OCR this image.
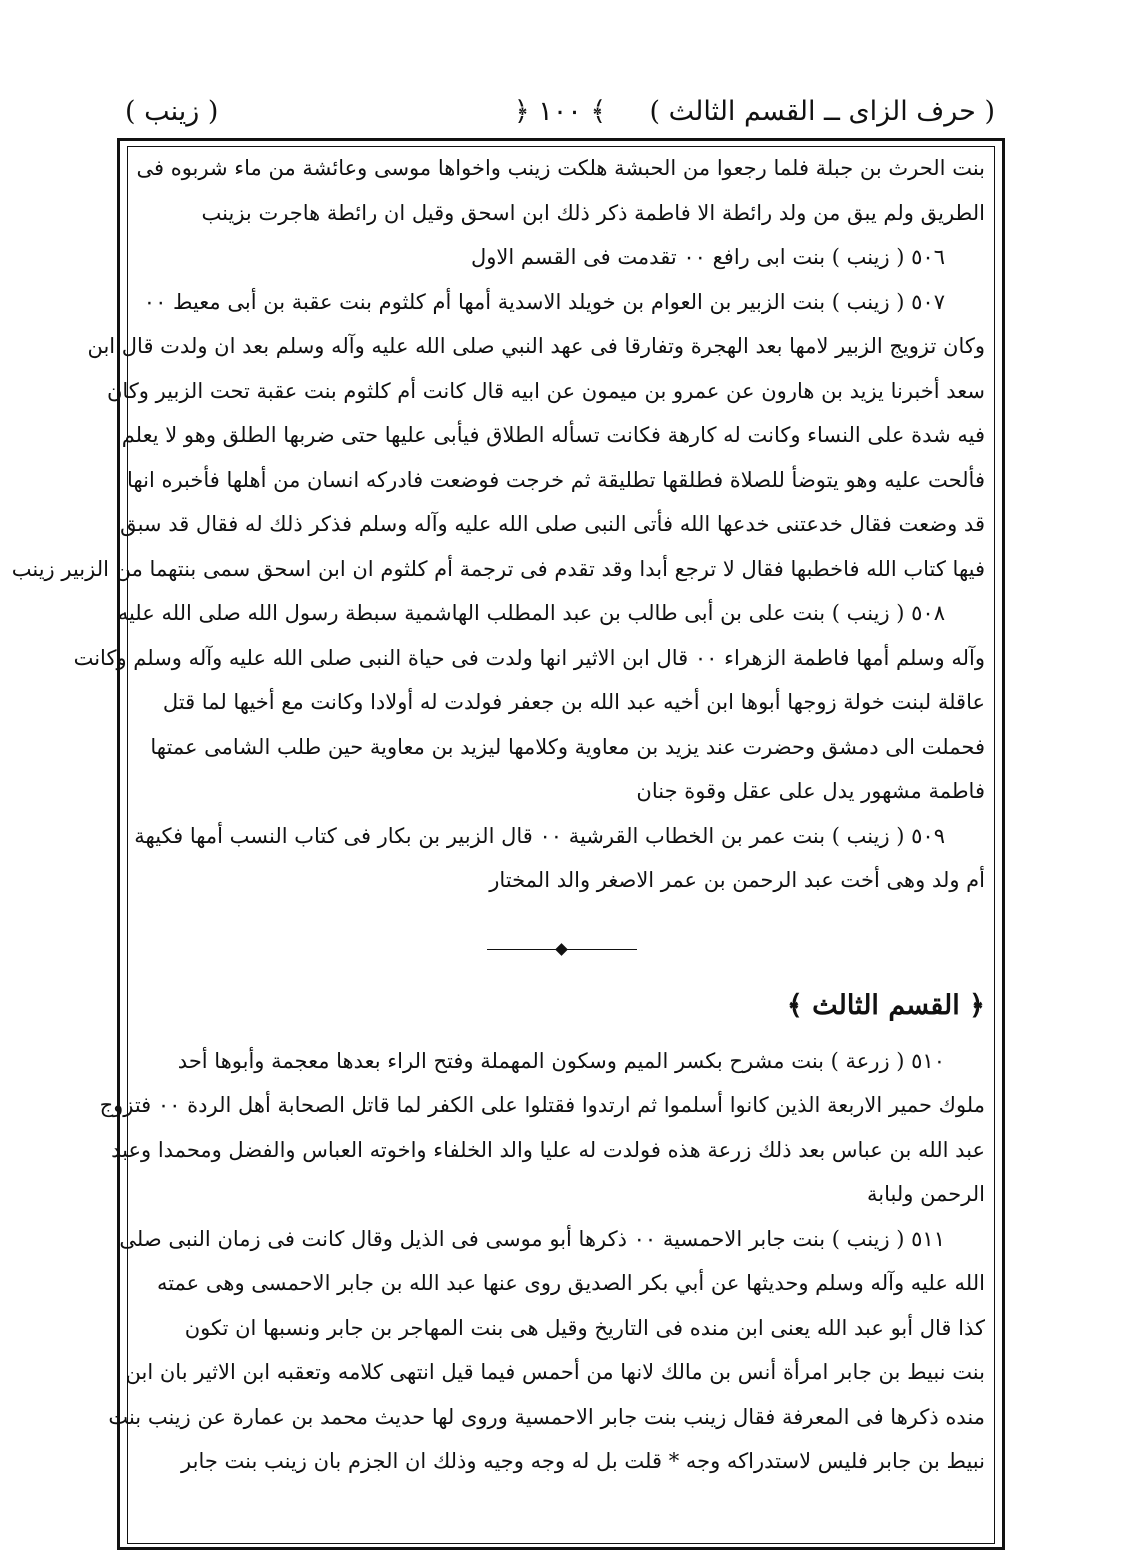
( حرف الزاى ــ القسم الثالث )
﴿ ١٠٠ ﴾
( زينب )
بنت الحرث بن جبلة فلما رجعوا من الحبشة هلكت زينب واخواها موسى وعائشة من ماء شربوه فى
الطريق ولم يبق من ولد رائطة الا فاطمة ذكر ذلك ابن اسحق وقيل ان رائطة هاجرت بزينب
٥٠٦ ( زينب ) بنت ابى رافع ٠٠ تقدمت فى القسم الاول
٥٠٧ ( زينب ) بنت الزبير بن العوام بن خويلد الاسدية أمها أم كلثوم بنت عقبة بن أبى معيط ٠٠
وكان تزويج الزبير لامها بعد الهجرة وتفارقا فى عهد النبي صلى الله عليه وآله وسلم بعد ان ولدت قال ابن
سعد أخبرنا يزيد بن هارون عن عمرو بن ميمون عن ابيه قال كانت أم كلثوم بنت عقبة تحت الزبير وكان
فيه شدة على النساء وكانت له كارهة فكانت تسأله الطلاق فيأبى عليها حتى ضربها الطلق وهو لا يعلم
فألحت عليه وهو يتوضأ للصلاة فطلقها تطليقة ثم خرجت فوضعت فادركه انسان من أهلها فأخبره انها
قد وضعت فقال خدعتنى خدعها الله فأتى النبى صلى الله عليه وآله وسلم فذكر ذلك له فقال قد سبق
فيها كتاب الله فاخطبها فقال لا ترجع أبدا وقد تقدم فى ترجمة أم كلثوم ان ابن اسحق سمى بنتهما من الزبير زينب
٥٠٨ ( زينب ) بنت على بن أبى طالب بن عبد المطلب الهاشمية سبطة رسول الله صلى الله عليه
وآله وسلم أمها فاطمة الزهراء ٠٠ قال ابن الاثير انها ولدت فى حياة النبى صلى الله عليه وآله وسلم وكانت
عاقلة لبنت خولة زوجها أبوها ابن أخيه عبد الله بن جعفر فولدت له أولادا وكانت مع أخيها لما قتل
فحملت الى دمشق وحضرت عند يزيد بن معاوية وكلامها ليزيد بن معاوية حين طلب الشامى عمتها
فاطمة مشهور يدل على عقل وقوة جنان
٥٠٩ ( زينب ) بنت عمر بن الخطاب القرشية ٠٠ قال الزبير بن بكار فى كتاب النسب أمها فكيهة
أم ولد وهى أخت عبد الرحمن بن عمر الاصغر والد المختار
﴿ القسم الثالث ﴾
٥١٠ ( زرعة ) بنت مشرح بكسر الميم وسكون المهملة وفتح الراء بعدها معجمة وأبوها أحد
ملوك حمير الاربعة الذين كانوا أسلموا ثم ارتدوا فقتلوا على الكفر لما قاتل الصحابة أهل الردة ٠٠ فتزوج
عبد الله بن عباس بعد ذلك زرعة هذه فولدت له عليا والد الخلفاء واخوته العباس والفضل ومحمدا وعبد
الرحمن ولبابة
٥١١ ( زينب ) بنت جابر الاحمسية ٠٠ ذكرها أبو موسى فى الذيل وقال كانت فى زمان النبى صلى
الله عليه وآله وسلم وحديثها عن أبي بكر الصديق روى عنها عبد الله بن جابر الاحمسى وهى عمته
كذا قال أبو عبد الله يعنى ابن منده فى التاريخ وقيل هى بنت المهاجر بن جابر ونسبها ان تكون
بنت نبيط بن جابر امرأة أنس بن مالك لانها من أحمس فيما قيل انتهى كلامه وتعقبه ابن الاثير بان ابن
منده ذكرها فى المعرفة فقال زينب بنت جابر الاحمسية وروى لها حديث محمد بن عمارة عن زينب بنت
نبيط بن جابر فليس لاستدراكه وجه * قلت بل له وجه وجيه وذلك ان الجزم بان زينب بنت جابر
